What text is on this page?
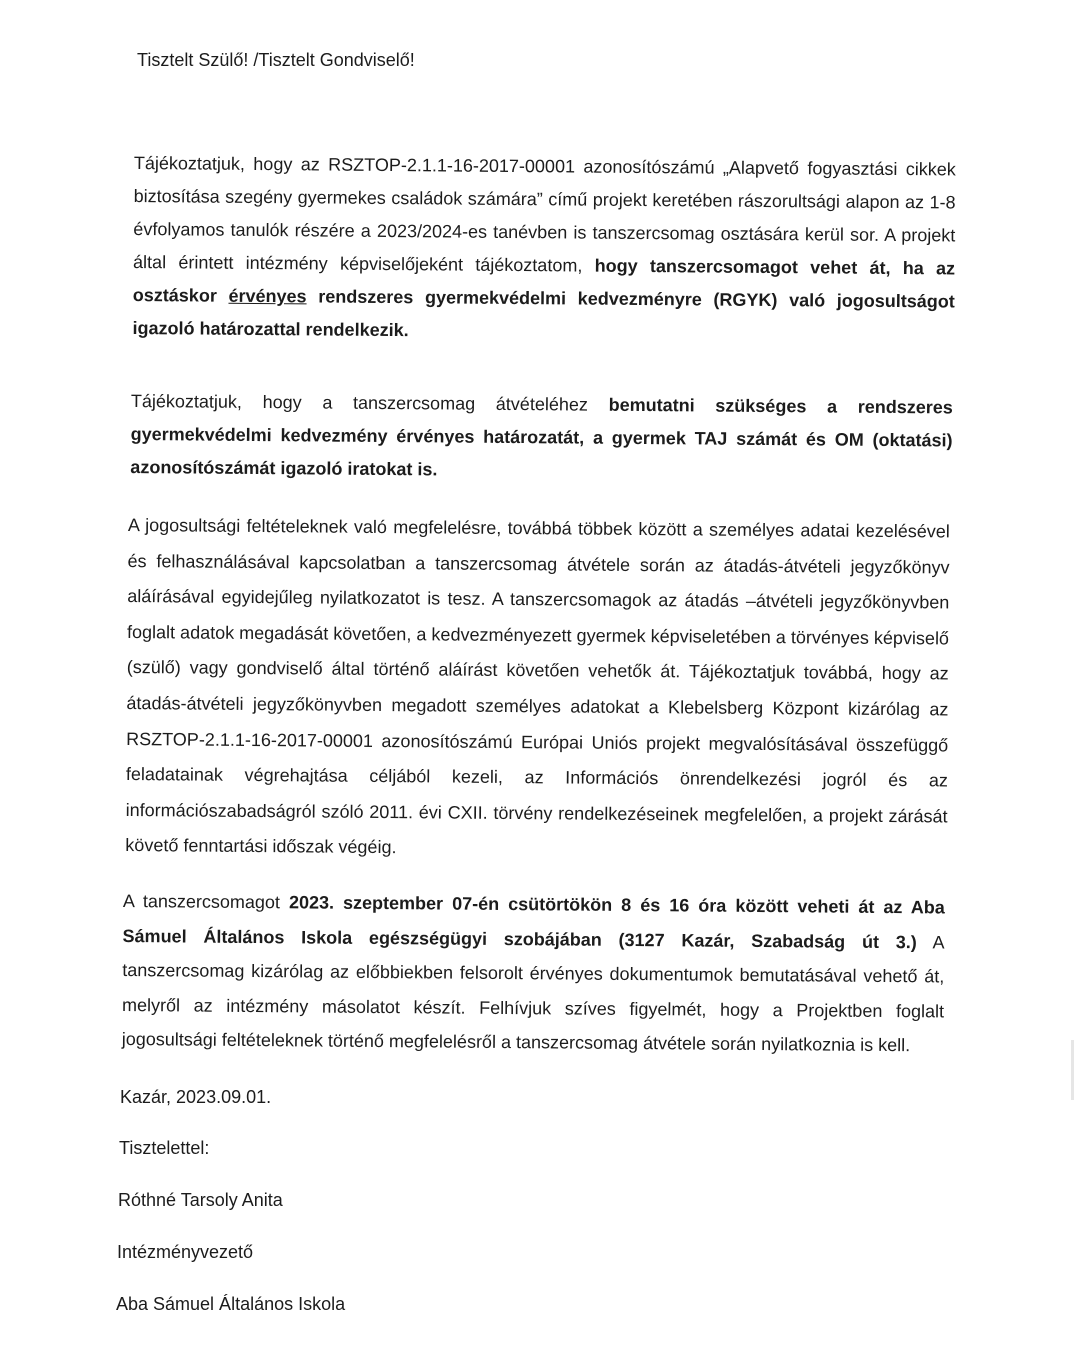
Tisztelt Szülő! /Tisztelt Gondviselő!

Tájékoztatjuk, hogy az RSZTOP-2.1.1-16-2017-00001 azonosítószámú „Alapvető fogyasztási cikkek biztosítása szegény gyermekes családok számára” című projekt keretében rászorultsági alapon az 1-8 évfolyamos tanulók részére a 2023/2024-es tanévben is tanszercsomag osztására kerül sor. A projekt által érintett intézmény képviselőjeként tájékoztatom, hogy tanszercsomagot vehet át, ha az osztáskor érvényes rendszeres gyermekvédelmi kedvezményre (RGYK) való jogosultságot igazoló határozattal rendelkezik.

Tájékoztatjuk, hogy a tanszercsomag átvételéhez bemutatni szükséges a rendszeres gyermekvédelmi kedvezmény érvényes határozatát, a gyermek TAJ számát és OM (oktatási) azonosítószámát igazoló iratokat is.

A jogosultsági feltételeknek való megfelelésre, továbbá többek között a személyes adatai kezelésével és felhasználásával kapcsolatban a tanszercsomag átvétele során az átadás-átvételi jegyzőkönyv aláírásával egyidejűleg nyilatkozatot is tesz. A tanszercsomagok az átadás –átvételi jegyzőkönyvben foglalt adatok megadását követően, a kedvezményezett gyermek képviseletében a törvényes képviselő (szülő) vagy gondviselő által történő aláírást követően vehetők át. Tájékoztatjuk továbbá, hogy az átadás-átvételi jegyzőkönyvben megadott személyes adatokat a Klebelsberg Központ kizárólag az RSZTOP-2.1.1-16-2017-00001 azonosítószámú Európai Uniós projekt megvalósításával összefüggő feladatainak végrehajtása céljából kezeli, az Információs önrendelkezési jogról és az információszabadságról szóló 2011. évi CXII. törvény rendelkezéseinek megfelelően, a projekt zárását követő fenntartási időszak végéig.

A tanszercsomagot 2023. szeptember 07-én csütörtökön 8 és 16 óra között veheti át az Aba Sámuel Általános Iskola egészségügyi szobájában (3127 Kazár, Szabadság út 3.) A tanszercsomag kizárólag az előbbiekben felsorolt érvényes dokumentumok bemutatásával vehető át, melyről az intézmény másolatot készít. Felhívjuk szíves figyelmét, hogy a Projektben foglalt jogosultsági feltételeknek történő megfelelésről a tanszercsomag átvétele során nyilatkoznia is kell.

Kazár, 2023.09.01.

Tisztelettel:

Róthné Tarsoly Anita

Intézményvezető

Aba Sámuel Általános Iskola
